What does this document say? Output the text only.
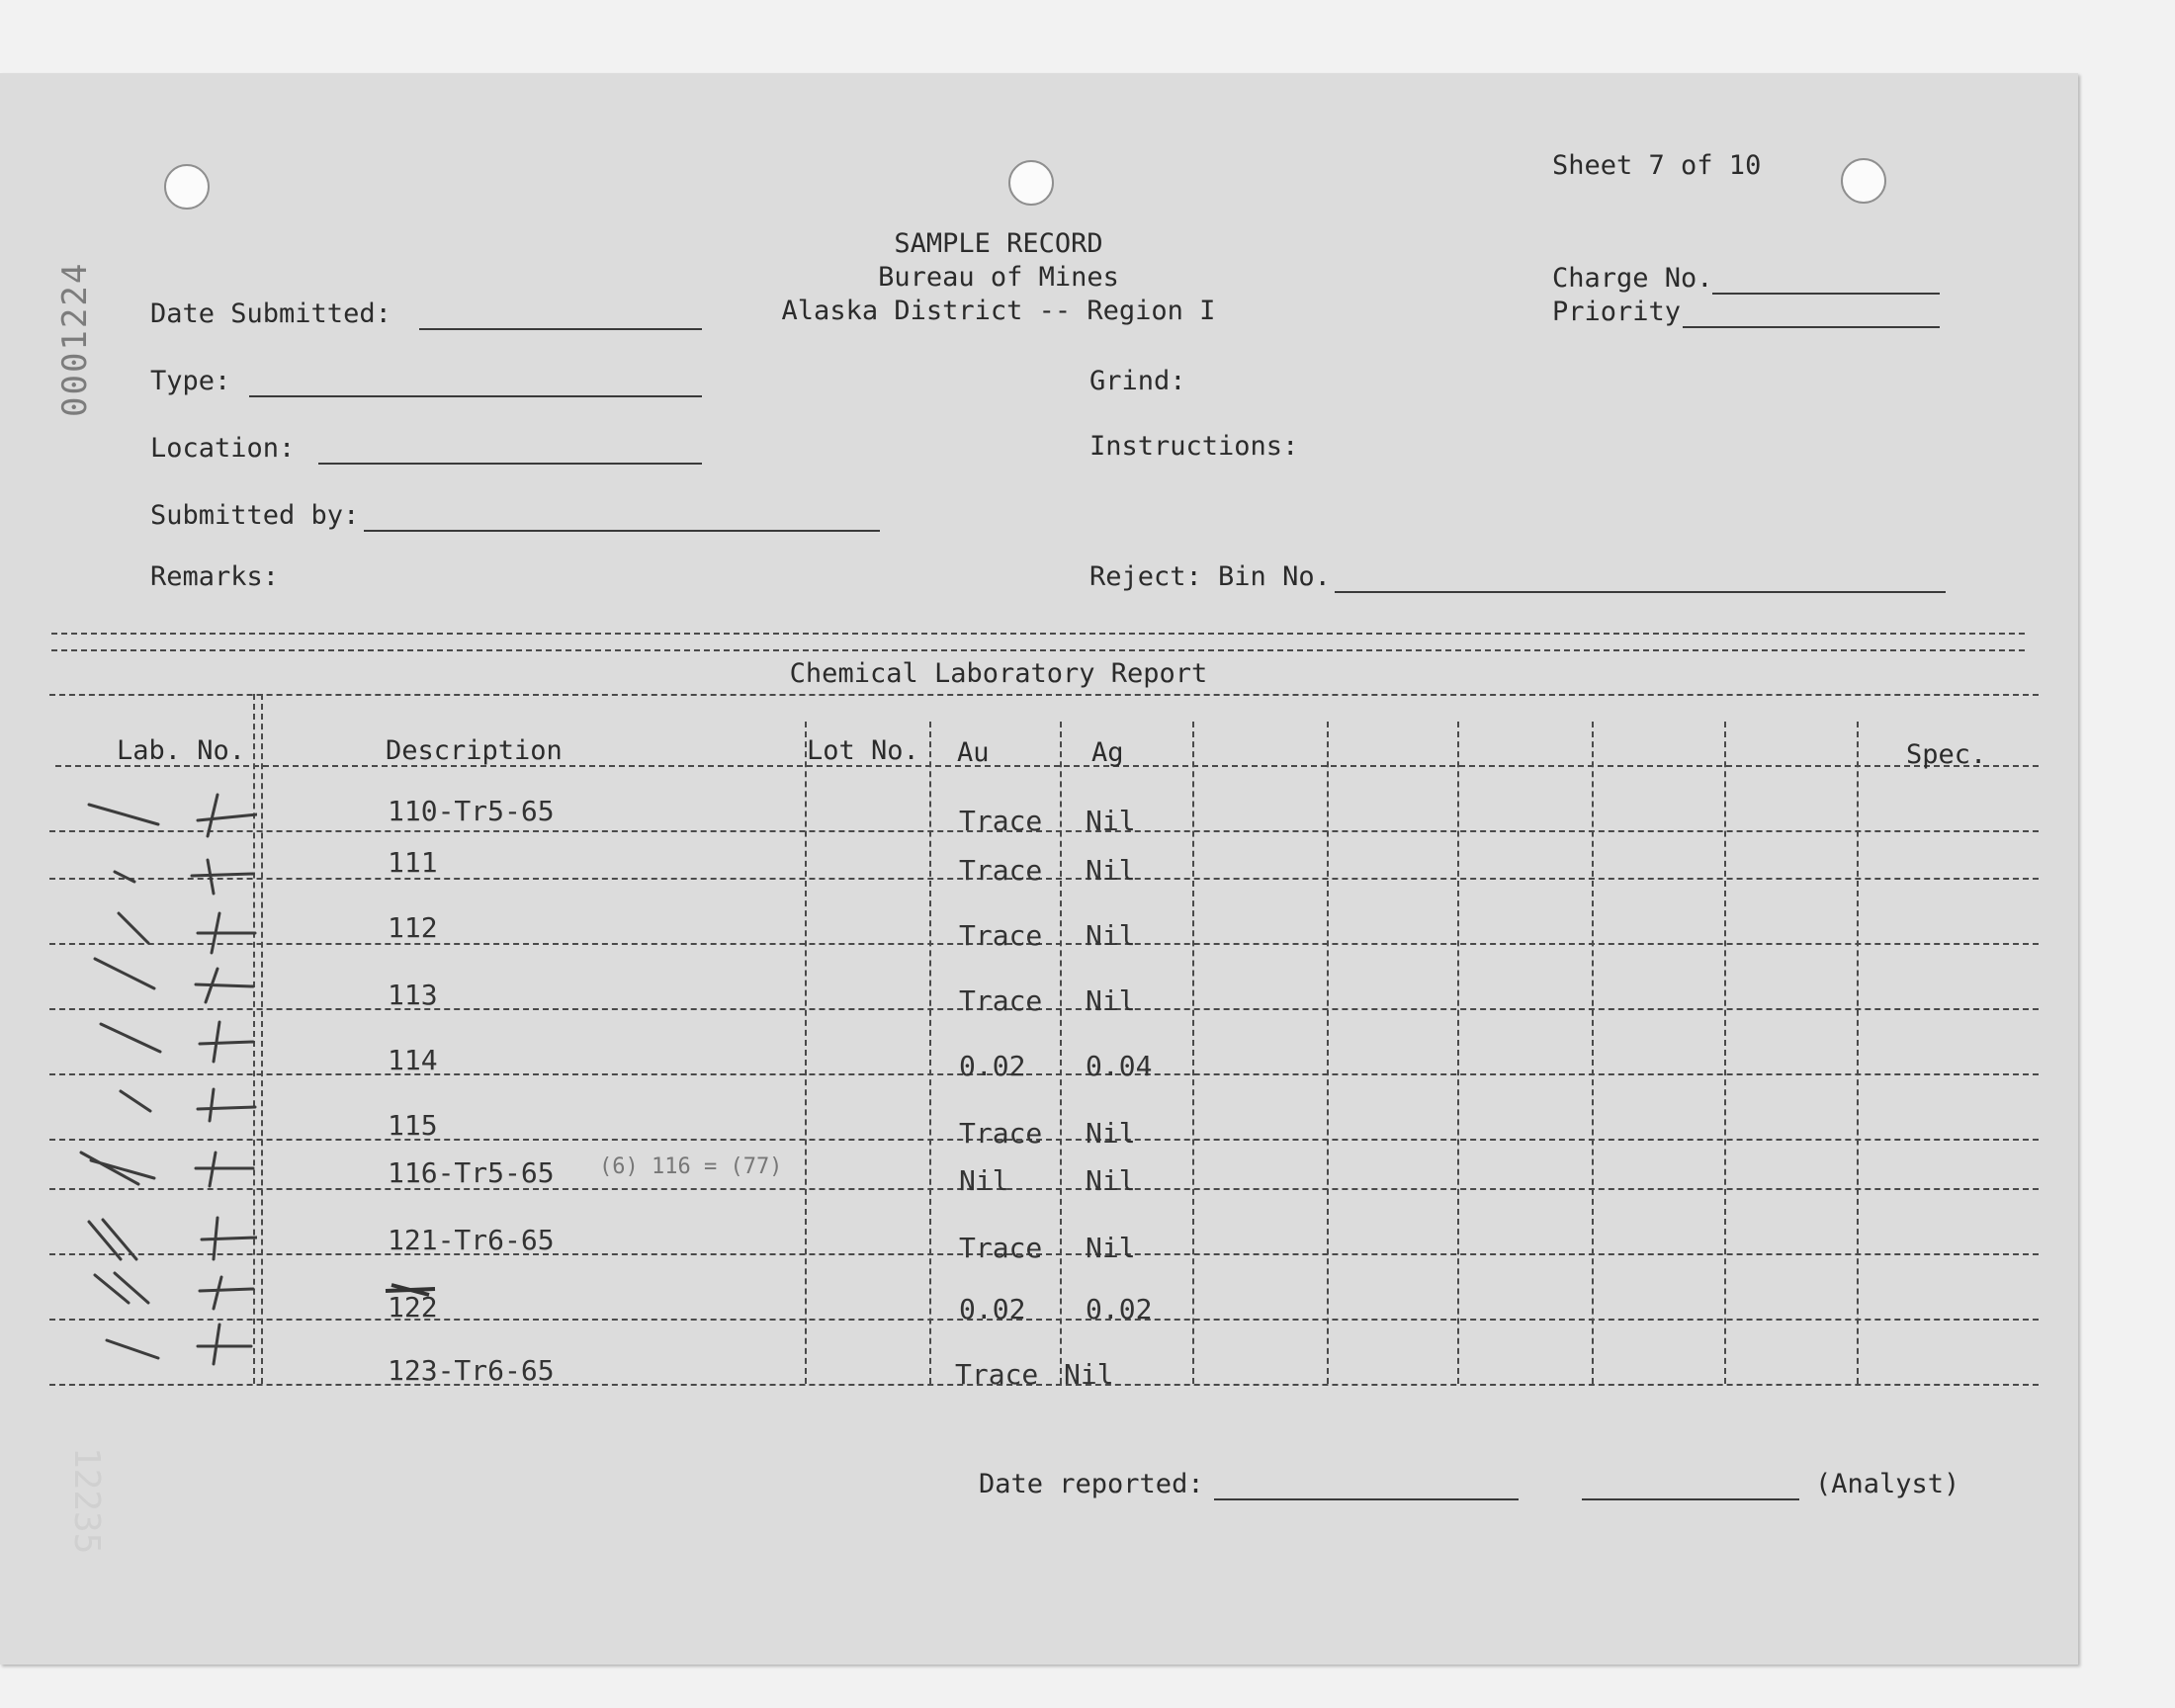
0001224
12235
Sheet 7 of 10
SAMPLE RECORD
Bureau of Mines
Alaska District -- Region I
Date Submitted:
Type:
Location:
Submitted by:
Remarks:
Charge No.
Priority
Grind:
Instructions:
Reject: Bin No.
Chemical Laboratory Report
Lab. No.	Description	Lot No. Au	Ag	Spec.
110-Tr5-65	Trace Nil
111	Trace Nil
112	Trace Nil
113	Trace Nil
114	0.02 0.04
115	Trace Nil
116-Tr5-65 (6) 116 = (77)	Nil	Nil
121-Tr6-65	Trace Nil
122	0.02 0.02
123-Tr6-65	Trace Nil
Date reported:	(Analyst)
